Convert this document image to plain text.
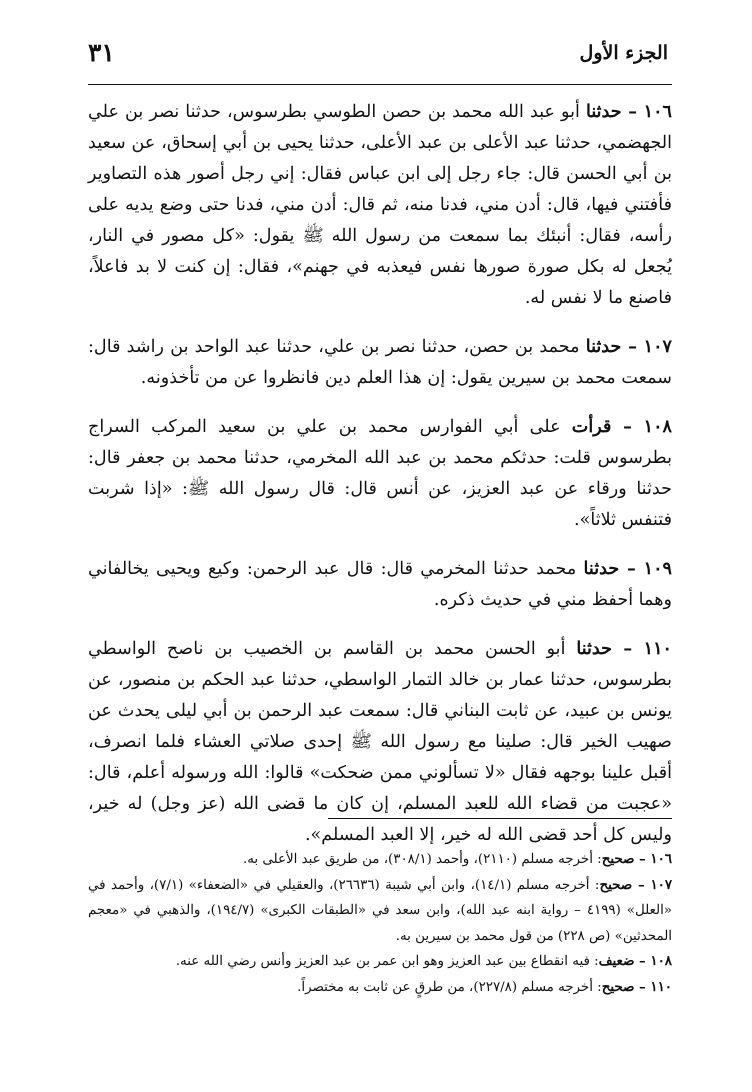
الجزء الأول
٣١

١٠٦ – حدثنا أبو عبد الله محمد بن حصن الطوسي بطرسوس، حدثنا نصر بن علي الجهضمي، حدثنا عبد الأعلى بن عبد الأعلى، حدثنا يحيى بن أبي إسحاق، عن سعيد بن أبي الحسن قال: جاء رجل إلى ابن عباس فقال: إني رجل أصور هذه التصاوير فأفتني فيها، قال: أدن مني، فدنا منه، ثم قال: أدن مني، فدنا حتى وضع يديه على رأسه، فقال: أنبئك بما سمعت من رسول الله ﷺ يقول: «كل مصور في النار، يُجعل له بكل صورة صورها نفس فيعذبه في جهنم»، فقال: إن كنت لا بد فاعلاً، فاصنع ما لا نفس له.

١٠٧ – حدثنا محمد بن حصن، حدثنا نصر بن علي، حدثنا عبد الواحد بن راشد قال: سمعت محمد بن سيرين يقول: إن هذا العلم دين فانظروا عن من تأخذونه.

١٠٨ – قرأت على أبي الفوارس محمد بن علي بن سعيد المركب السراج بطرسوس قلت: حدثكم محمد بن عبد الله المخرمي، حدثنا محمد بن جعفر قال: حدثنا ورقاء عن عبد العزيز، عن أنس قال: قال رسول الله ﷺ: «إذا شربت فتنفس ثلاثاً».

١٠٩ – حدثنا محمد حدثنا المخرمي قال: قال عبد الرحمن: وكيع ويحيى يخالفاني وهما أحفظ مني في حديث ذكره.

١١٠ – حدثنا أبو الحسن محمد بن القاسم بن الخصيب بن ناصح الواسطي بطرسوس، حدثنا عمار بن خالد التمار الواسطي، حدثنا عبد الحكم بن منصور، عن يونس بن عبيد، عن ثابت البناني قال: سمعت عبد الرحمن بن أبي ليلى يحدث عن صهيب الخير قال: صلينا مع رسول الله ﷺ إحدى صلاتي العشاء فلما انصرف، أقبل علينا بوجهه فقال «لا تسألوني ممن ضحكت» قالوا: الله ورسوله أعلم، قال: «عجبت من قضاء الله للعبد المسلم، إن كان ما قضى الله (عز وجل) له خير، وليس كل أحد قضى الله له خير، إلا العبد المسلم».

١٠٦ – صحيح: أخرجه مسلم (٢١١٠)، وأحمد (٣٠٨/١)، من طريق عبد الأعلى به.

١٠٧ – صحيح: أخرجه مسلم (١٤/١)، وابن أبي شيبة (٢٦٦٣٦)، والعقيلي في «الضعفاء» (٧/١)، وأحمد في «العلل» (٤١٩٩ – رواية ابنه عبد الله)، وابن سعد في «الطبقات الكبرى» (١٩٤/٧)، والذهبي في «معجم المحدثين» (ص ٢٢٨) من قول محمد بن سيرين به.

١٠٨ – ضعيف: فيه انقطاع بين عبد العزيز وهو ابن عمر بن عبد العزيز وأنس رضي الله عنه.

١١٠ – صحيح: أخرجه مسلم (٢٢٧/٨)، من طرقٍ عن ثابت به مختصراً.
